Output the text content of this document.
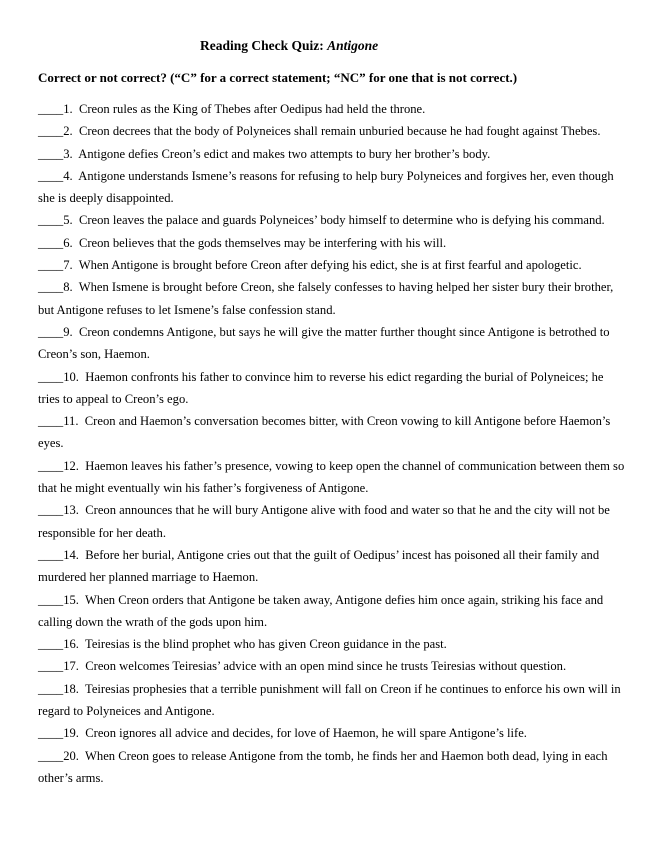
Reading Check Quiz: Antigone
Correct or not correct? (“C” for a correct statement; “NC” for one that is not correct.)

____1. Creon rules as the King of Thebes after Oedipus had held the throne.

____2. Creon decrees that the body of Polyneices shall remain unburied because he had fought against Thebes.

____3. Antigone defies Creon’s edict and makes two attempts to bury her brother’s body.

____4. Antigone understands Ismene’s reasons for refusing to help bury Polyneices and forgives her, even though she is deeply disappointed.

____5. Creon leaves the palace and guards Polyneices’ body himself to determine who is defying his command.

____6. Creon believes that the gods themselves may be interfering with his will.

____7. When Antigone is brought before Creon after defying his edict, she is at first fearful and apologetic.

____8. When Ismene is brought before Creon, she falsely confesses to having helped her sister bury their brother, but Antigone refuses to let Ismene’s false confession stand.

____9. Creon condemns Antigone, but says he will give the matter further thought since Antigone is betrothed to Creon’s son, Haemon.

____10. Haemon confronts his father to convince him to reverse his edict regarding the burial of Polyneices; he tries to appeal to Creon’s ego.

____11. Creon and Haemon’s conversation becomes bitter, with Creon vowing to kill Antigone before Haemon’s eyes.

____12. Haemon leaves his father’s presence, vowing to keep open the channel of communication between them so that he might eventually win his father’s forgiveness of Antigone.

____13. Creon announces that he will bury Antigone alive with food and water so that he and the city will not be responsible for her death.

____14. Before her burial, Antigone cries out that the guilt of Oedipus’ incest has poisoned all their family and murdered her planned marriage to Haemon.

____15. When Creon orders that Antigone be taken away, Antigone defies him once again, striking his face and calling down the wrath of the gods upon him.

____16. Teiresias is the blind prophet who has given Creon guidance in the past.

____17. Creon welcomes Teiresias’ advice with an open mind since he trusts Teiresias without question.

____18. Teiresias prophesies that a terrible punishment will fall on Creon if he continues to enforce his own will in regard to Polyneices and Antigone.

____19. Creon ignores all advice and decides, for love of Haemon, he will spare Antigone’s life.

____20. When Creon goes to release Antigone from the tomb, he finds her and Haemon both dead, lying in each other’s arms.
